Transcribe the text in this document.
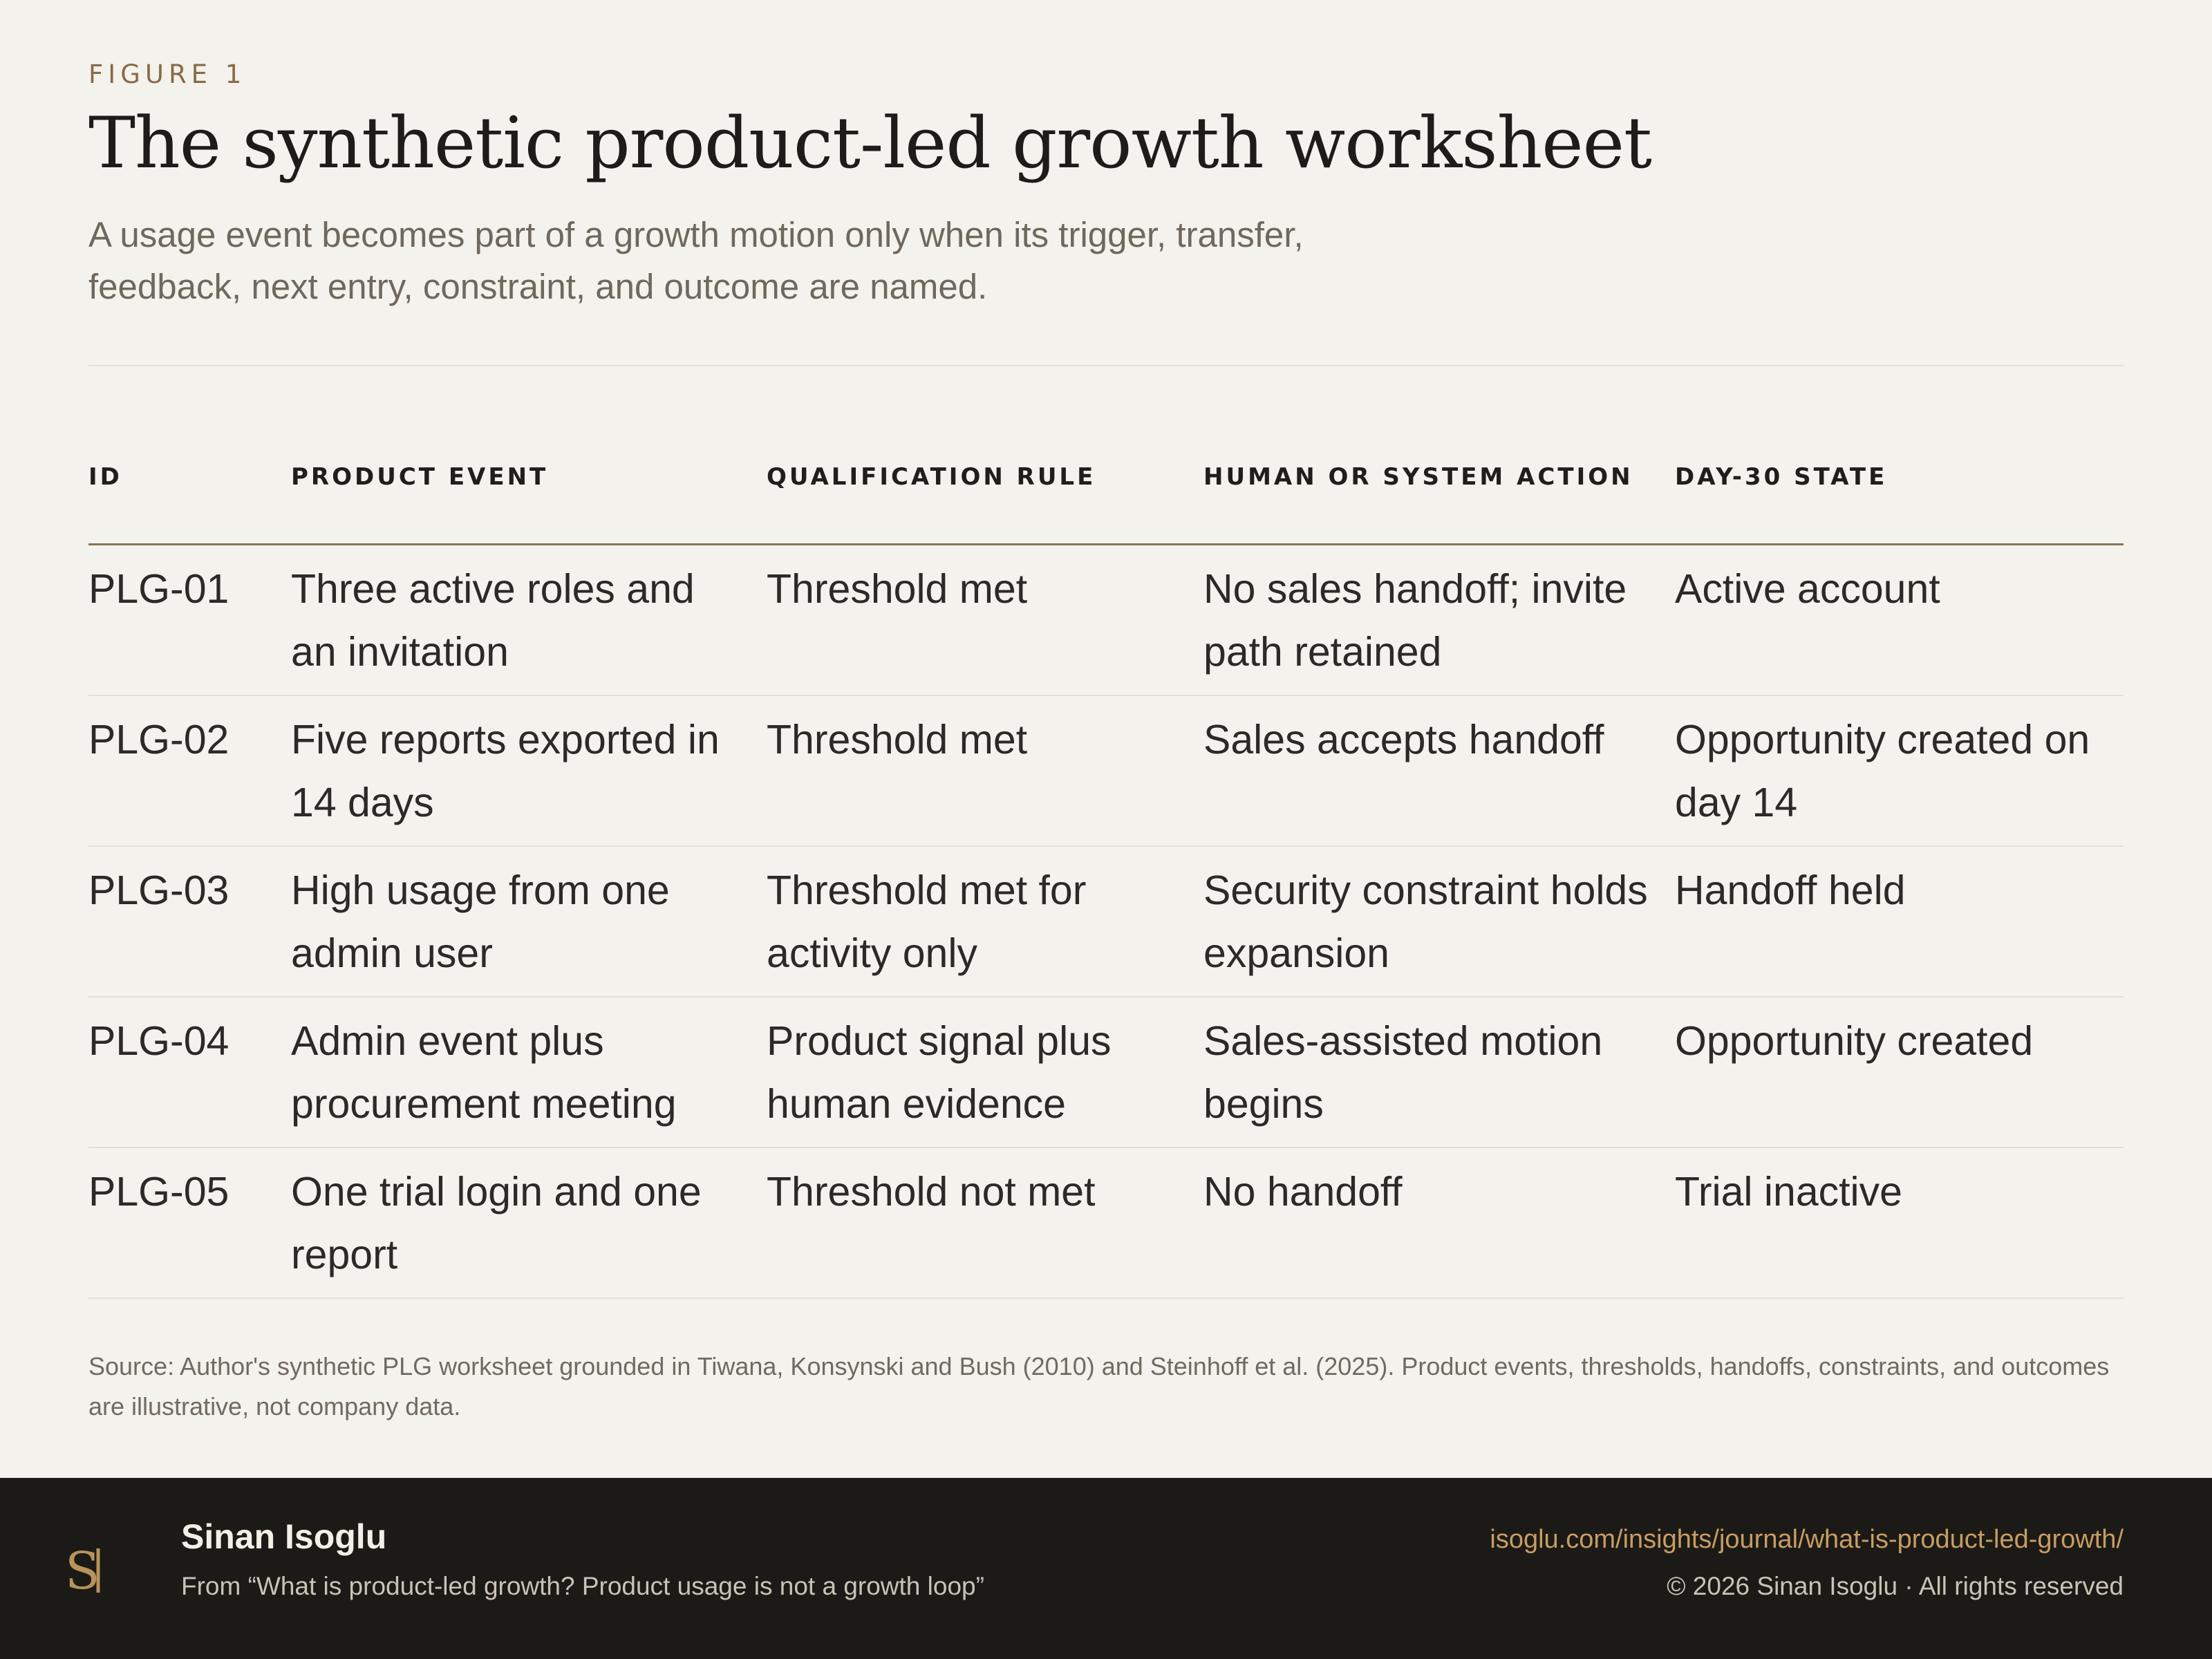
FIGURE 1
The synthetic product-led growth worksheet
A usage event becomes part of a growth motion only when its trigger, transfer, feedback, next entry, constraint, and outcome are named.
ID	PRODUCT EVENT	QUALIFICATION RULE	HUMAN OR SYSTEM ACTION	DAY-30 STATE
PLG-01	Three active roles and an invitation	Threshold met	No sales handoff; invite path retained	Active account
PLG-02	Five reports exported in 14 days	Threshold met	Sales accepts handoff	Opportunity created on day 14
PLG-03	High usage from one admin user	Threshold met for activity only	Security constraint holds expansion	Handoff held
PLG-04	Admin event plus procurement meeting	Product signal plus human evidence	Sales-assisted motion begins	Opportunity created
PLG-05	One trial login and one report	Threshold not met	No handoff	Trial inactive
Source: Author's synthetic PLG worksheet grounded in Tiwana, Konsynski and Bush (2010) and Steinhoff et al. (2025). Product events, thresholds, handoffs, constraints, and outcomes are illustrative, not company data.
S
Sinan Isoglu
From “What is product-led growth? Product usage is not a growth loop”
isoglu.com/insights/journal/what-is-product-led-growth/
© 2026 Sinan Isoglu · All rights reserved
